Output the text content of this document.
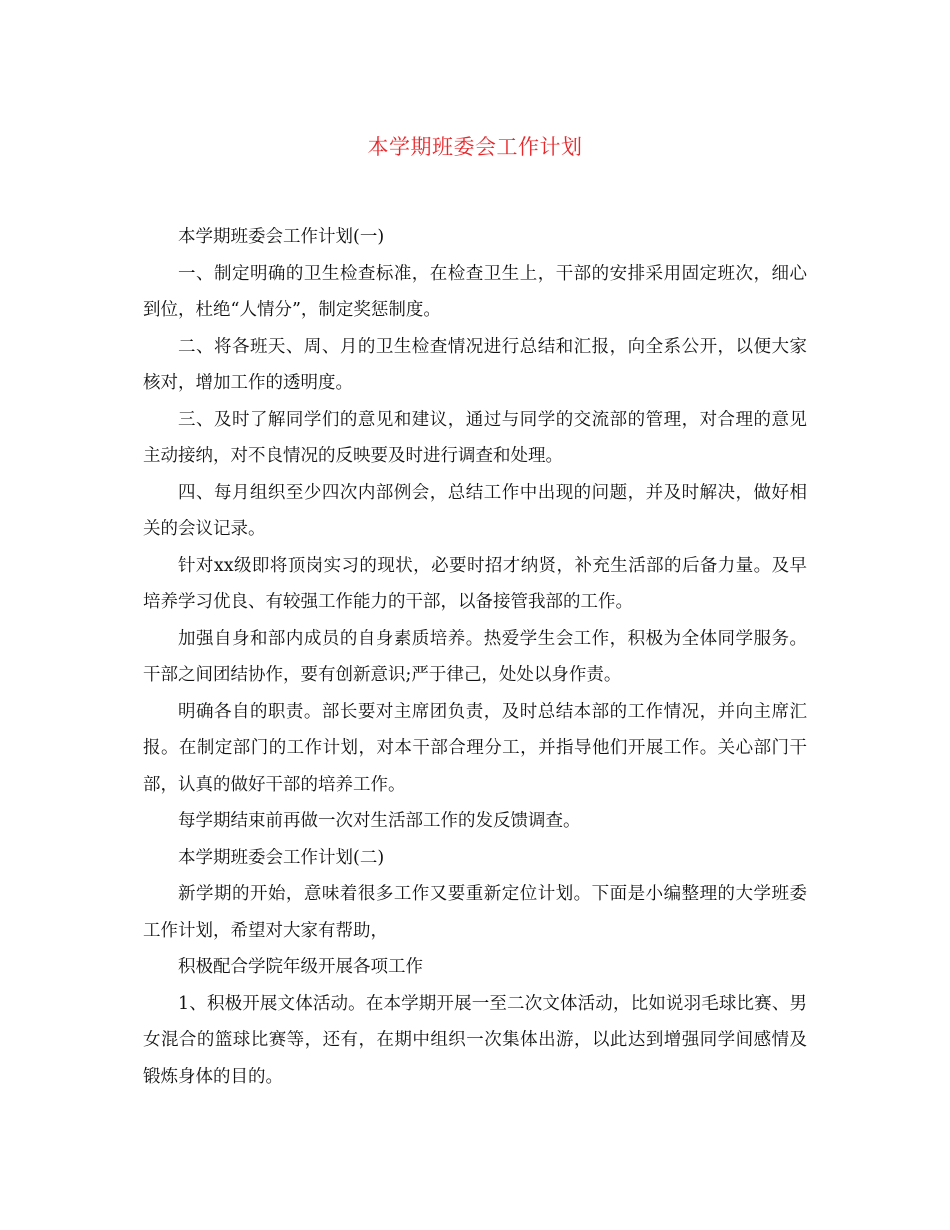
本学期班委会工作计划

本学期班委会工作计划(一)

一、制定明确的卫生检查标准，在检查卫生上，干部的安排采用固定班次，细心到位，杜绝“人情分”，制定奖惩制度。

二、将各班天、周、月的卫生检查情况进行总结和汇报，向全系公开，以便大家核对，增加工作的透明度。

三、及时了解同学们的意见和建议，通过与同学的交流部的管理，对合理的意见主动接纳，对不良情况的反映要及时进行调查和处理。

四、每月组织至少四次内部例会，总结工作中出现的问题，并及时解决，做好相关的会议记录。

针对xx级即将顶岗实习的现状，必要时招才纳贤，补充生活部的后备力量。及早培养学习优良、有较强工作能力的干部，以备接管我部的工作。

加强自身和部内成员的自身素质培养。热爱学生会工作，积极为全体同学服务。干部之间团结协作，要有创新意识;严于律己，处处以身作责。

明确各自的职责。部长要对主席团负责，及时总结本部的工作情况，并向主席汇报。在制定部门的工作计划，对本干部合理分工，并指导他们开展工作。关心部门干部，认真的做好干部的培养工作。

每学期结束前再做一次对生活部工作的发反馈调查。

本学期班委会工作计划(二)

新学期的开始，意味着很多工作又要重新定位计划。下面是小编整理的大学班委工作计划，希望对大家有帮助，

积极配合学院年级开展各项工作

1、积极开展文体活动。在本学期开展一至二次文体活动，比如说羽毛球比赛、男女混合的篮球比赛等，还有，在期中组织一次集体出游，以此达到增强同学间感情及锻炼身体的目的。
